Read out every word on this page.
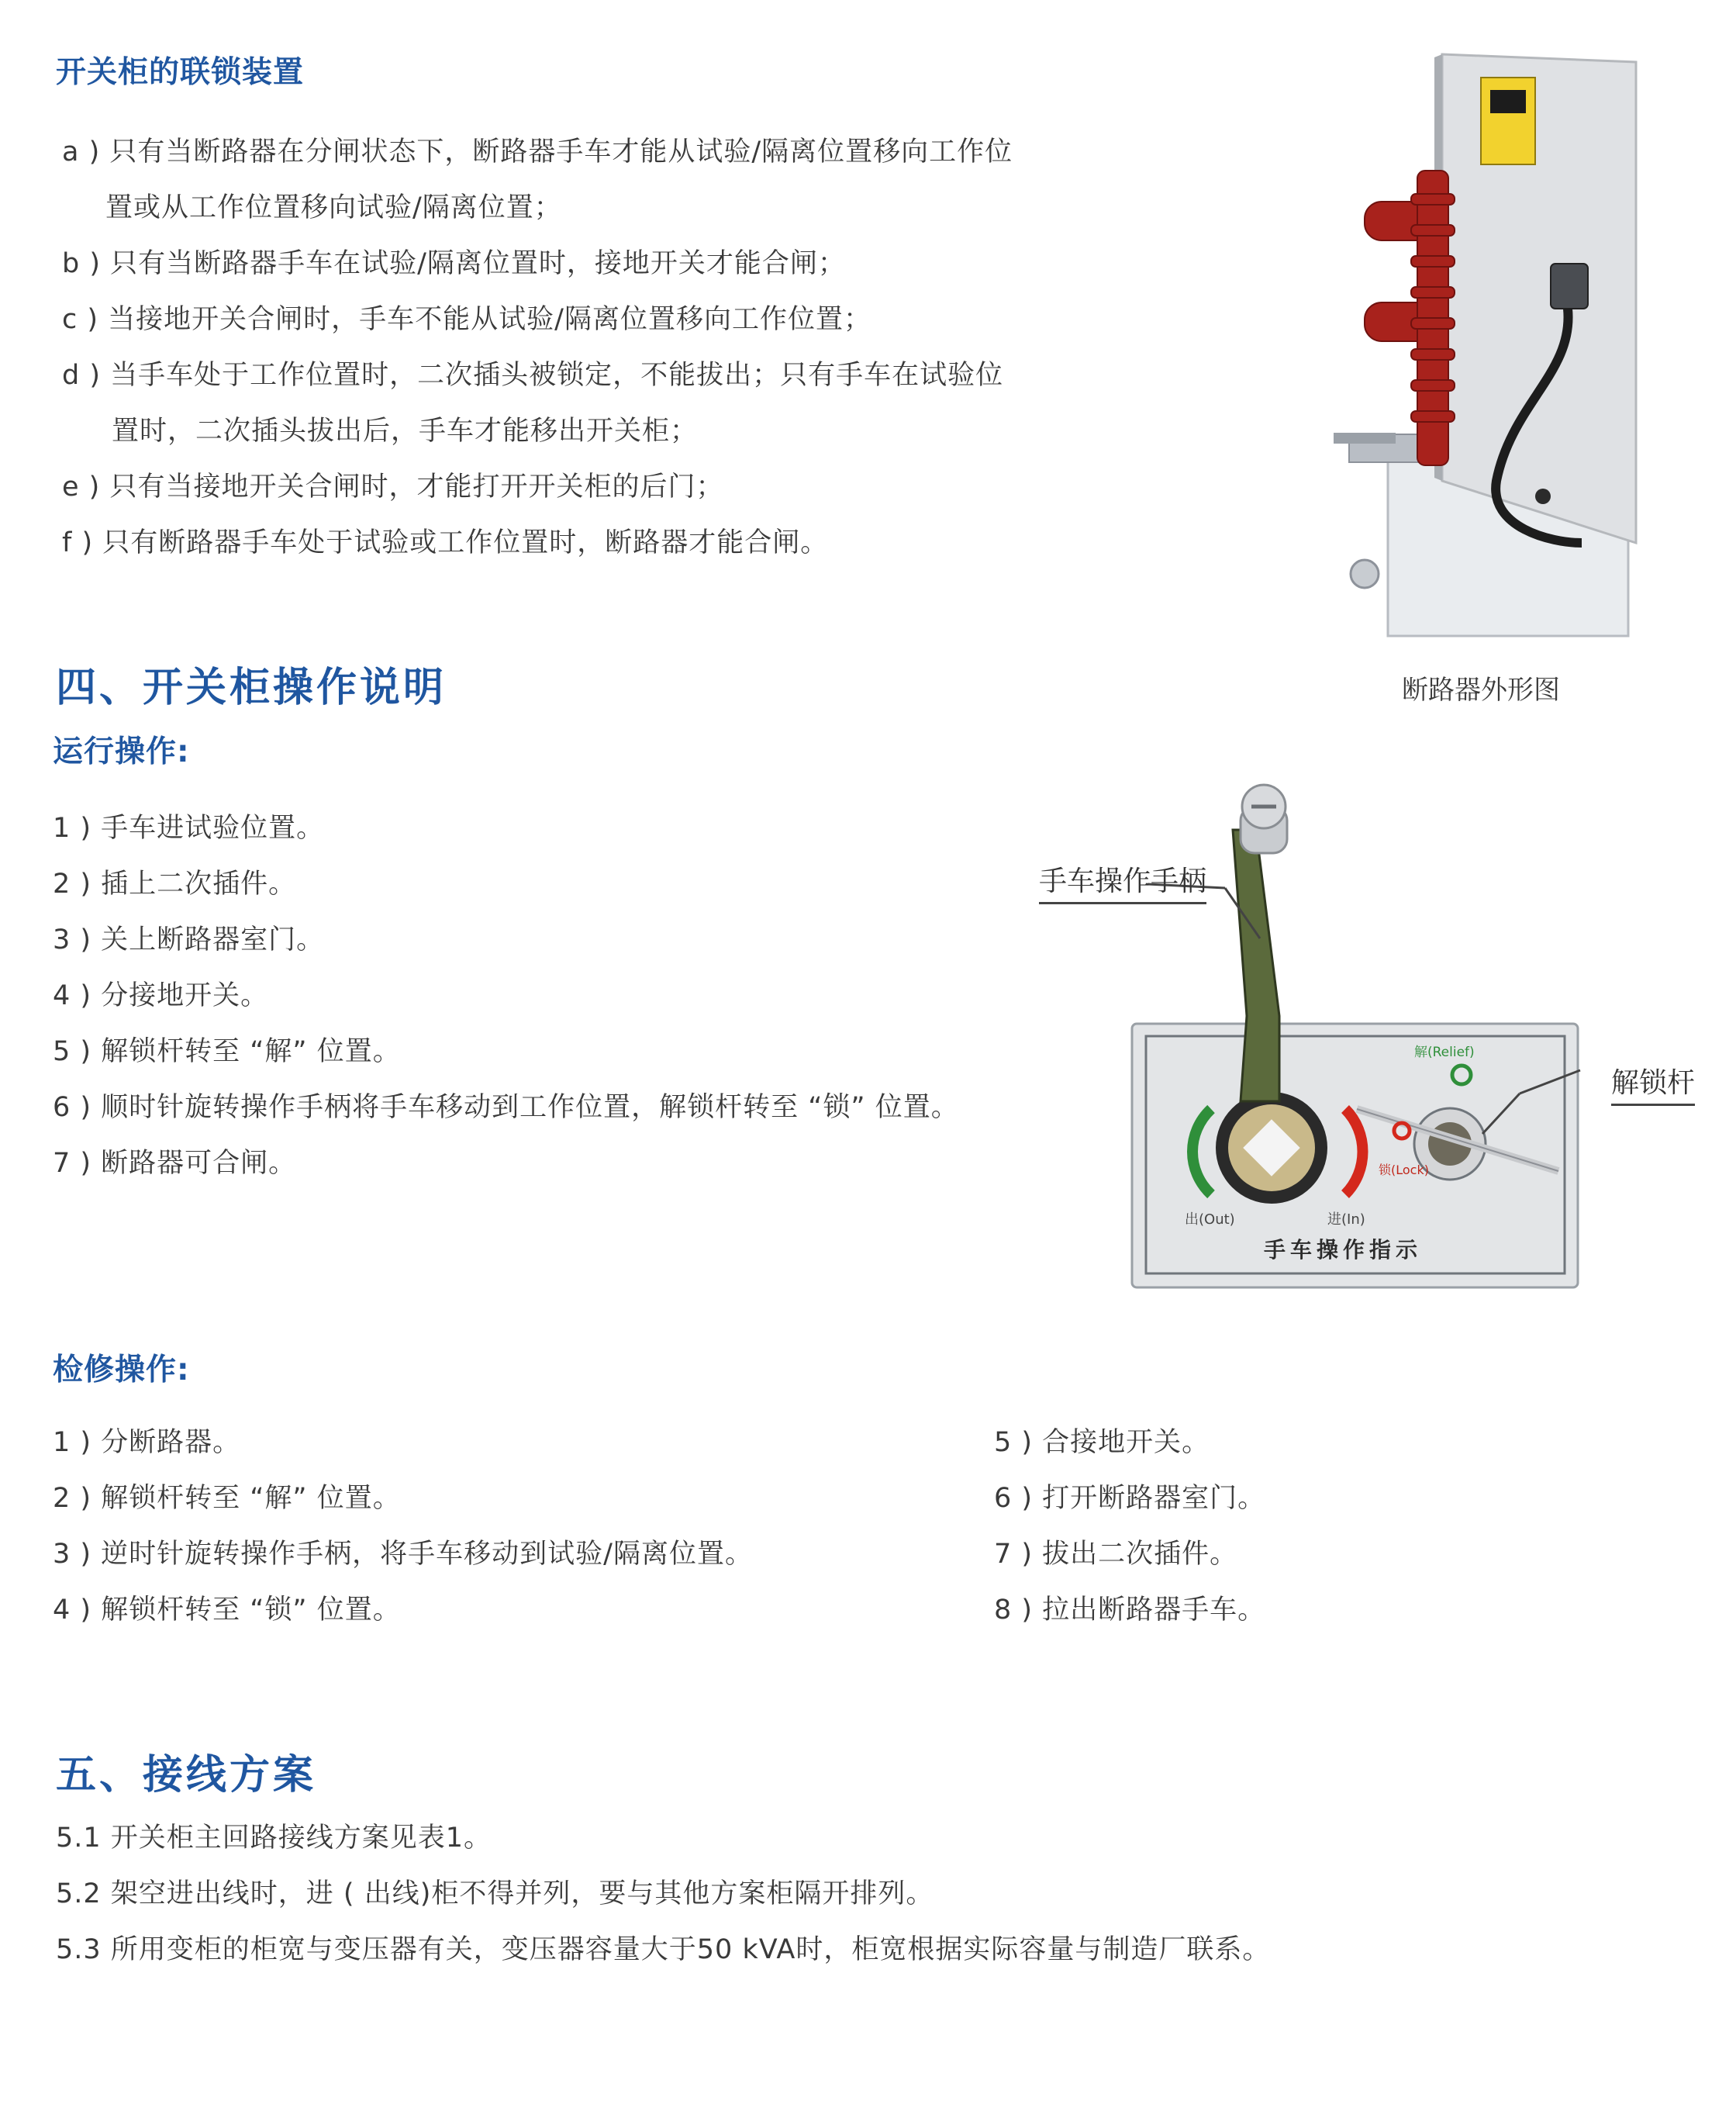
开关柜的联锁装置
a ) 只有当断路器在分闸状态下，断路器手车才能从试验/隔离位置移向工作位
置或从工作位置移向试验/隔离位置；
b ) 只有当断路器手车在试验/隔离位置时，接地开关才能合闸；
c ) 当接地开关合闸时，手车不能从试验/隔离位置移向工作位置；
d ) 当手车处于工作位置时，二次插头被锁定，不能拔出；只有手车在试验位
置时，二次插头拔出后，手车才能移出开关柜；
e ) 只有当接地开关合闸时，才能打开开关柜的后门；
f ) 只有断路器手车处于试验或工作位置时，断路器才能合闸。
断路器外形图
四、开关柜操作说明
运行操作:
1 ) 手车进试验位置。
2 ) 插上二次插件。
3 ) 关上断路器室门。
4 ) 分接地开关。
5 ) 解锁杆转至 “解” 位置。
6 ) 顺时针旋转操作手柄将手车移动到工作位置，解锁杆转至 “锁” 位置。
7 ) 断路器可合闸。
解(Relief)
锁(Lock)
出(Out)	进(In)
手车操作指示
手车操作手柄
解锁杆
检修操作:
1 ) 分断路器。
2 ) 解锁杆转至 “解” 位置。
3 ) 逆时针旋转操作手柄，将手车移动到试验/隔离位置。
4 ) 解锁杆转至 “锁” 位置。
5 ) 合接地开关。
6 ) 打开断路器室门。
7 ) 拔出二次插件。
8 ) 拉出断路器手车。
五、接线方案
5.1 开关柜主回路接线方案见表1。
5.2 架空进出线时，进 ( 出线)柜不得并列，要与其他方案柜隔开排列。
5.3 所用变柜的柜宽与变压器有关，变压器容量大于50 kVA时，柜宽根据实际容量与制造厂联系。
